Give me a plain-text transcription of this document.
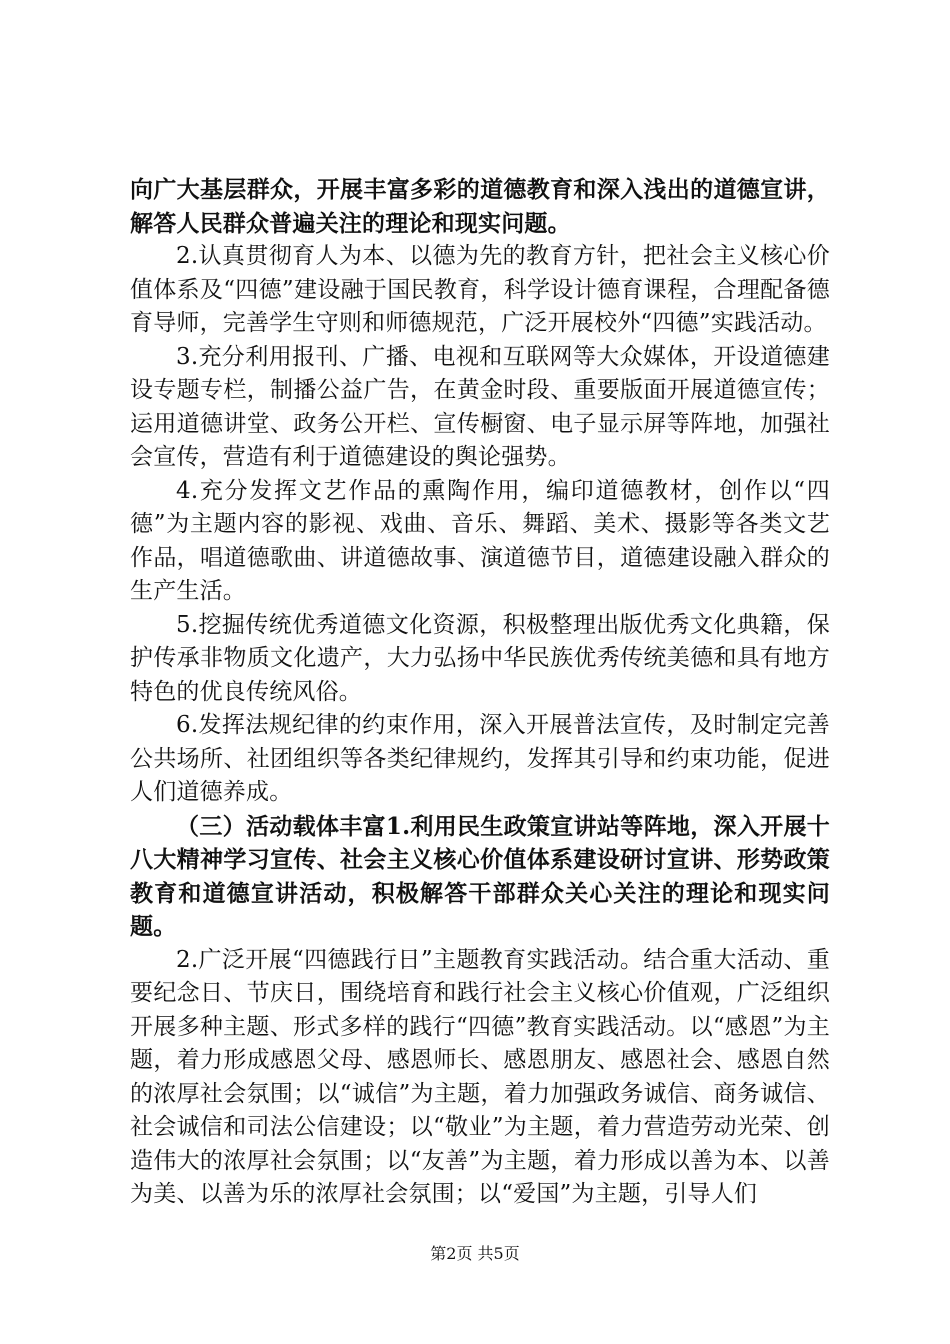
向广大基层群众，开展丰富多彩的道德教育和深入浅出的道德宣讲，解答人民群众普遍关注的理论和现实问题。

2.认真贯彻育人为本、以德为先的教育方针，把社会主义核心价值体系及“四德”建设融于国民教育，科学设计德育课程，合理配备德育导师，完善学生守则和师德规范，广泛开展校外“四德”实践活动。

3.充分利用报刊、广播、电视和互联网等大众媒体，开设道德建设专题专栏，制播公益广告，在黄金时段、重要版面开展道德宣传；运用道德讲堂、政务公开栏、宣传橱窗、电子显示屏等阵地，加强社会宣传，营造有利于道德建设的舆论强势。

4.充分发挥文艺作品的熏陶作用，编印道德教材，创作以“四德”为主题内容的影视、戏曲、音乐、舞蹈、美术、摄影等各类文艺作品，唱道德歌曲、讲道德故事、演道德节目，道德建设融入群众的生产生活。

5.挖掘传统优秀道德文化资源，积极整理出版优秀文化典籍，保护传承非物质文化遗产，大力弘扬中华民族优秀传统美德和具有地方特色的优良传统风俗。

6.发挥法规纪律的约束作用，深入开展普法宣传，及时制定完善公共场所、社团组织等各类纪律规约，发挥其引导和约束功能，促进人们道德养成。

（三）活动载体丰富1.利用民生政策宣讲站等阵地，深入开展十八大精神学习宣传、社会主义核心价值体系建设研讨宣讲、形势政策教育和道德宣讲活动，积极解答干部群众关心关注的理论和现实问题。

2.广泛开展“四德践行日”主题教育实践活动。结合重大活动、重要纪念日、节庆日，围绕培育和践行社会主义核心价值观，广泛组织开展多种主题、形式多样的践行“四德”教育实践活动。以“感恩”为主题，着力形成感恩父母、感恩师长、感恩朋友、感恩社会、感恩自然的浓厚社会氛围；以“诚信”为主题，着力加强政务诚信、商务诚信、社会诚信和司法公信建设；以“敬业”为主题，着力营造劳动光荣、创造伟大的浓厚社会氛围；以“友善”为主题，着力形成以善为本、以善为美、以善为乐的浓厚社会氛围；以“爱国”为主题，引导人们

第2页 共5页
